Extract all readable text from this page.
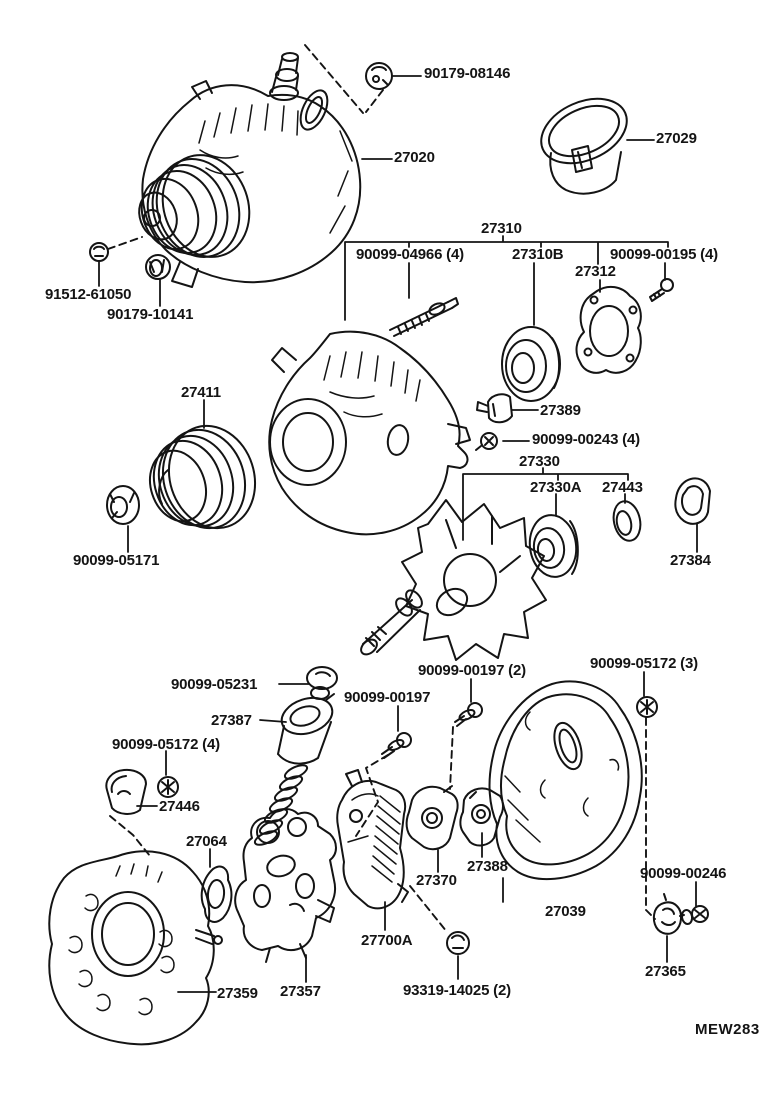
90179-08146
27020
27029
27310
90099-04966 (4)	27310B	90099-00195 (4)
27312
91512-61050
90179-10141
27411
90099-05171
27389
90099-00243 (4)
27330
27330A 27443
27384
90099-00197 (2)	90099-05172 (3)
90099-05231
90099-00197
27387
90099-05172 (4)
27446
27064
27370
27388
27039
90099-00246
27700A
27365
27359 27357	93319-14025 (2)
MEW283
